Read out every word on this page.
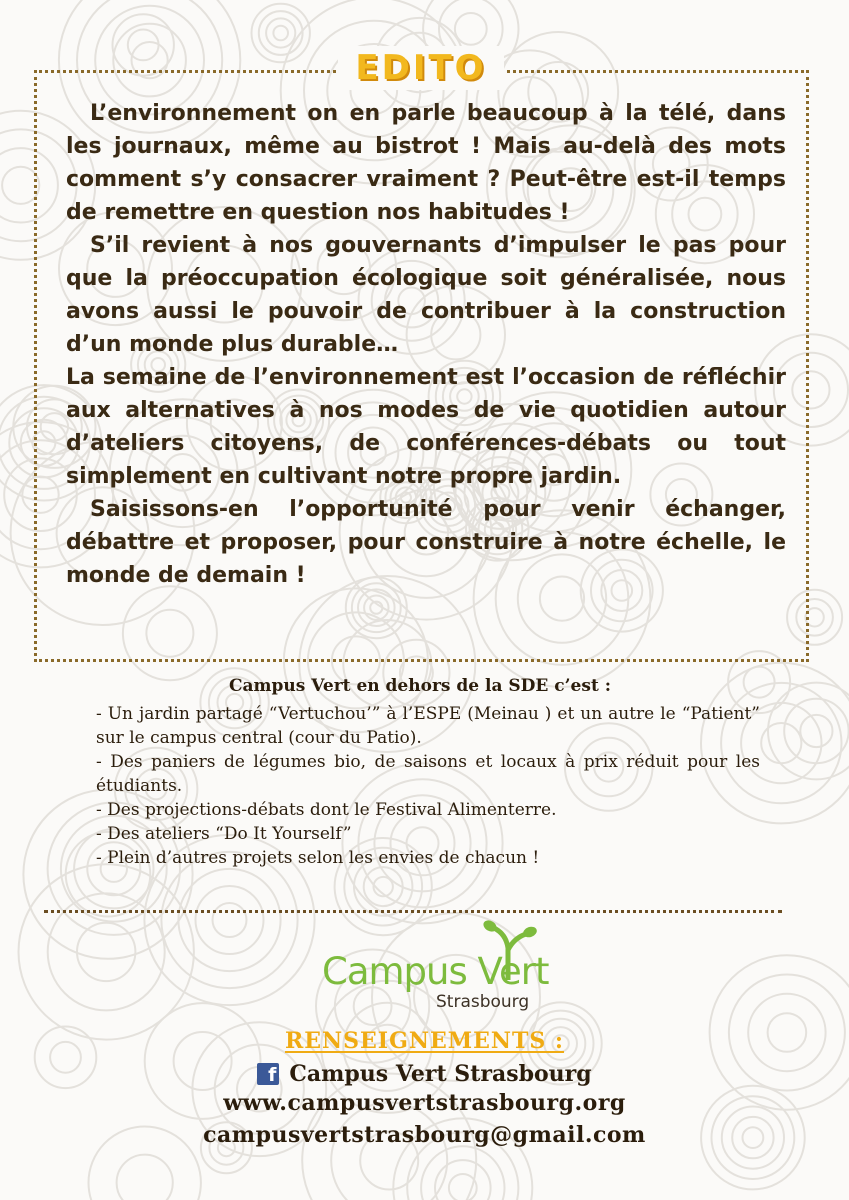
EDITO

L’environnement on en parle beaucoup à la télé, dans les journaux, même au bistrot ! Mais au-delà des mots comment s’y consacrer vraiment ? Peut-être est-il temps de remettre en question nos habitudes !

S’il revient à nos gouvernants d’impulser le pas pour que la préoccupation écologique soit généralisée, nous avons aussi le pouvoir de contribuer à la construction d’un monde plus durable…

La semaine de l’environnement est l’occasion de réfléchir aux alternatives à nos modes de vie quotidien autour d’ateliers citoyens, de conférences-débats ou tout simplement en cultivant notre propre jardin.

Saisissons-en l’opportunité pour venir échanger, débattre et proposer, pour construire à notre échelle, le monde de demain !

Campus Vert en dehors de la SDE c’est :

- Un jardin partagé “Vertuchou’” à l’ESPE (Meinau ) et un autre le “Patient” sur le campus central (cour du Patio).

- Des paniers de légumes bio, de saisons et locaux à prix réduit pour les étudiants.

- Des projections-débats dont le Festival Alimenterre.

- Des ateliers “Do It Yourself”

- Plein d’autres projets selon les envies de chacun !

Campus Vert
Strasbourg
RENSEIGNEMENTS :
f Campus Vert Strasbourg
www.campusvertstrasbourg.org
campusvertstrasbourg@gmail.com
